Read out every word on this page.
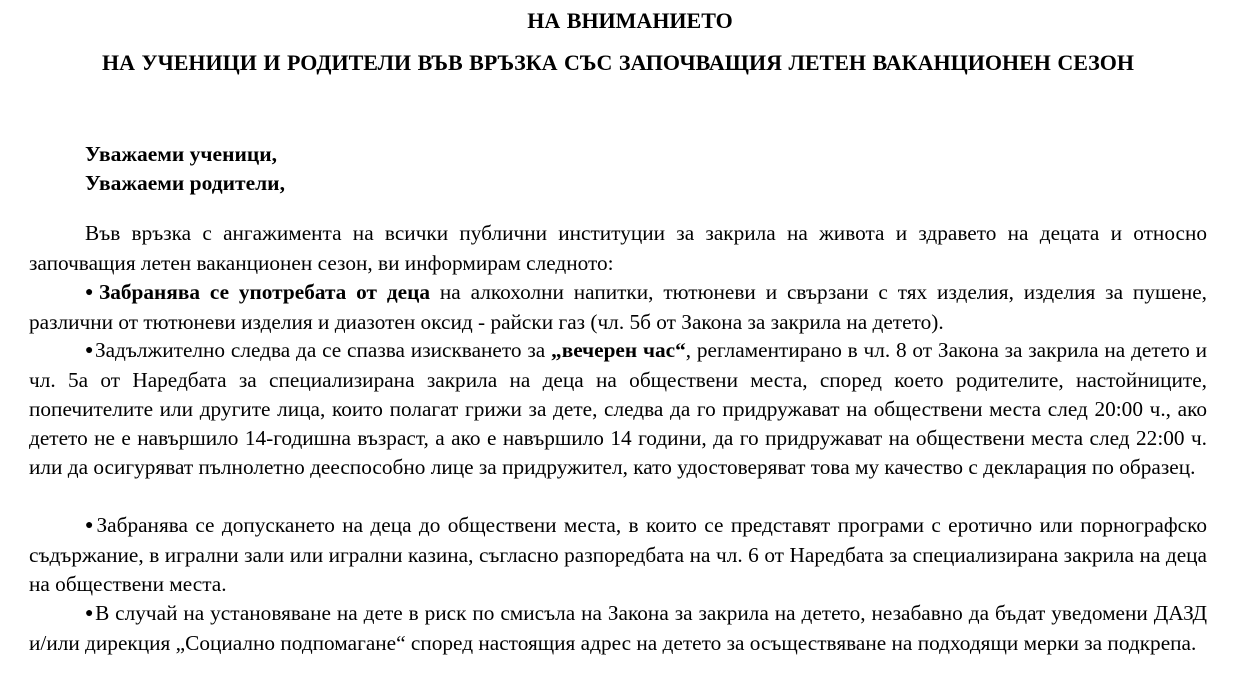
НА ВНИМАНИЕТО
НА УЧЕНИЦИ И РОДИТЕЛИ ВЪВ ВРЪЗКА СЪС ЗАПОЧВАЩИЯ ЛЕТЕН ВАКАНЦИОНЕН СЕЗОН
Уважаеми ученици,
Уважаеми родители,

Във връзка с ангажимента на всички публични институции за закрила на живота и здравето на децата и относно започващия летен ваканционен сезон, ви информирам следното:

●Забранява се употребата от деца на алкохолни напитки, тютюневи и свързани с тях изделия, изделия за пушене, различни от тютюневи изделия и диазотен оксид - райски газ (чл. 5б от Закона за закрила на детето).

●Задължително следва да се спазва изискването за „вечерен час“, регламентирано в чл. 8 от Закона за закрила на детето и чл. 5а от Наредбата за специализирана закрила на деца на обществени места, според което родителите, настойниците, попечителите или другите лица, които полагат грижи за дете, следва да го придружават на обществени места след 20:00 ч., ако детето не е навършило 14-годишна възраст, а ако е навършило 14 години, да го придружават на обществени места след 22:00 ч. или да осигуряват пълнолетно дееспособно лице за придружител, като удостоверяват това му качество с декларация по образец.

●Забранява се допускането на деца до обществени места, в които се представят програми с еротично или порнографско съдържание, в игрални зали или игрални казина, съгласно разпоредбата на чл. 6 от Наредбата за специализирана закрила на деца на обществени места.

●В случай на установяване на дете в риск по смисъла на Закона за закрила на детето, незабавно да бъдат уведомени ДАЗД и/или дирекция „Социално подпомагане“ според настоящия адрес на детето за осъществяване на подходящи мерки за подкрепа.
